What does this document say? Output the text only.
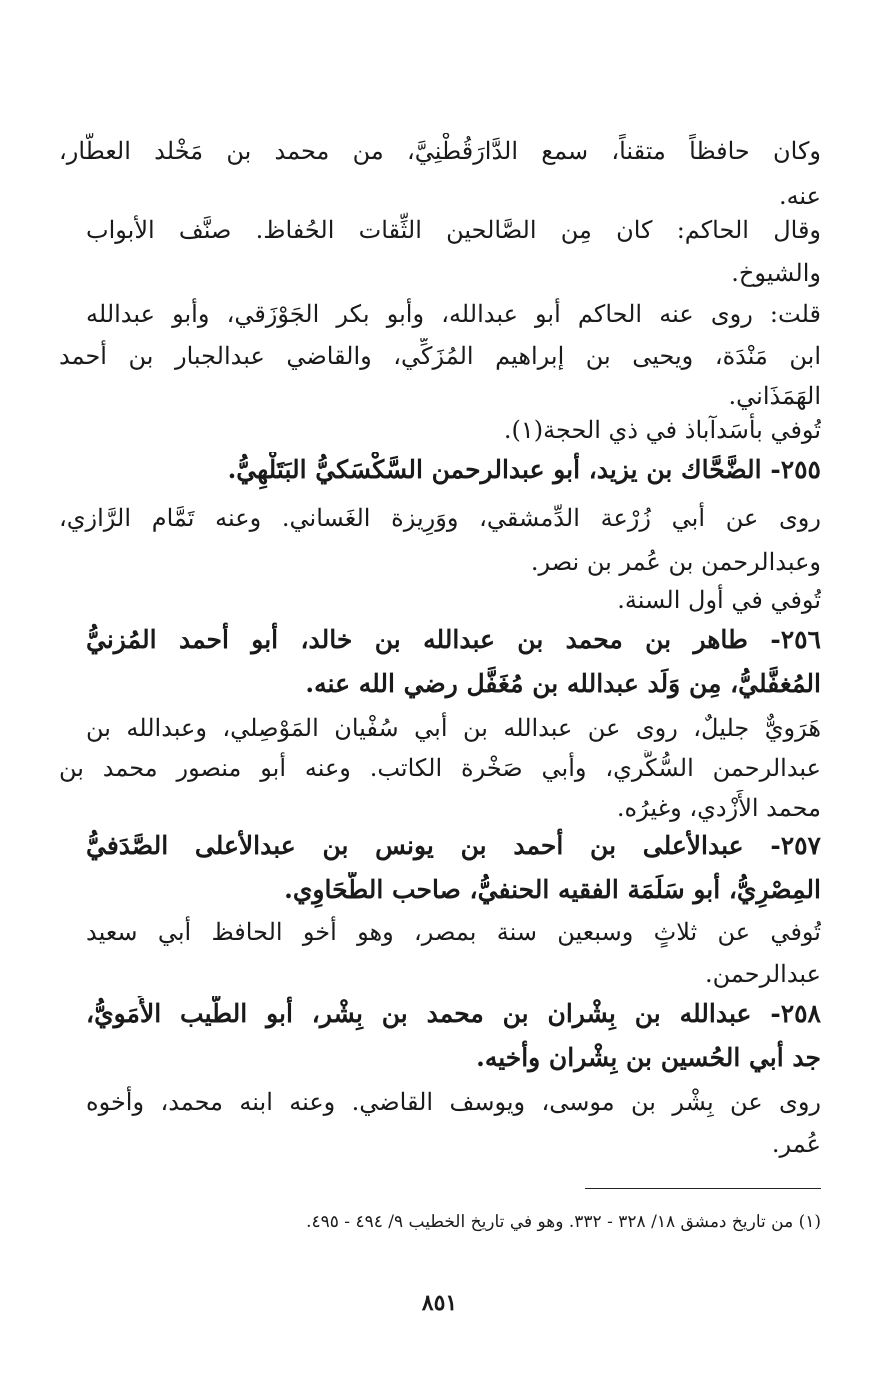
وكان حافظاً متقناً، سمع الدَّارَقُطْنِيَّ، من محمد بن مَخْلد العطَّار،
عنه.
وقال الحاكم: كان مِن الصَّالحين الثِّقات الحُفاظ. صنَّف الأبواب
والشيوخ.
قلت: روى عنه الحاكم أبو عبدالله، وأبو بكر الجَوْزَقي، وأبو عبدالله
ابن مَنْدَة، ويحيى بن إبراهيم المُزَكِّي، والقاضي عبدالجبار بن أحمد
الهَمَذَاني.
تُوفي بأَسَدآباذ في ذي الحجة(١).
٢٥٥- الضَّحَّاك بن يزيد، أبو عبدالرحمن السَّكْسَكيُّ البَتَلْهِيُّ.
روى عن أبي زُرْعة الدِّمشقي، ووَرِيزة الغَساني. وعنه تَمَّام الرَّازي،
وعبدالرحمن بن عُمر بن نصر.
تُوفي في أول السنة.
٢٥٦- طاهر بن محمد بن عبدالله بن خالد، أبو أحمد المُزنيُّ
المُغفَّليُّ، مِن وَلَد عبدالله بن مُغَفَّل رضي الله عنه.
هَرَويٌّ جليلٌ، روى عن عبدالله بن أبي سُفْيان المَوْصِلي، وعبدالله بن
عبدالرحمن السُّكَّري، وأبي صَخْرة الكاتب. وعنه أبو منصور محمد بن
محمد الأَزْدي، وغيرُه.
٢٥٧- عبدالأعلى بن أحمد بن يونس بن عبدالأعلى الصَّدَفيُّ
المِصْرِيُّ، أبو سَلَمَة الفقيه الحنفيُّ، صاحب الطَّحَاوِي.
تُوفي عن ثلاثٍ وسبعين سنة بمصر، وهو أخو الحافظ أبي سعيد
عبدالرحمن.
٢٥٨- عبدالله بن بِشْران بن محمد بن بِشْر، أبو الطَّيب الأُمَويُّ،
جد أبي الحُسين بن بِشْران وأخيه.
روى عن بِشْر بن موسى، ويوسف القاضي. وعنه ابنه محمد، وأخوه
عُمر.
(١) من تاريخ دمشق ١٨/ ٣٢٨ - ٣٣٢. وهو في تاريخ الخطيب ٩/ ٤٩٤ - ٤٩٥.
٨٥١
